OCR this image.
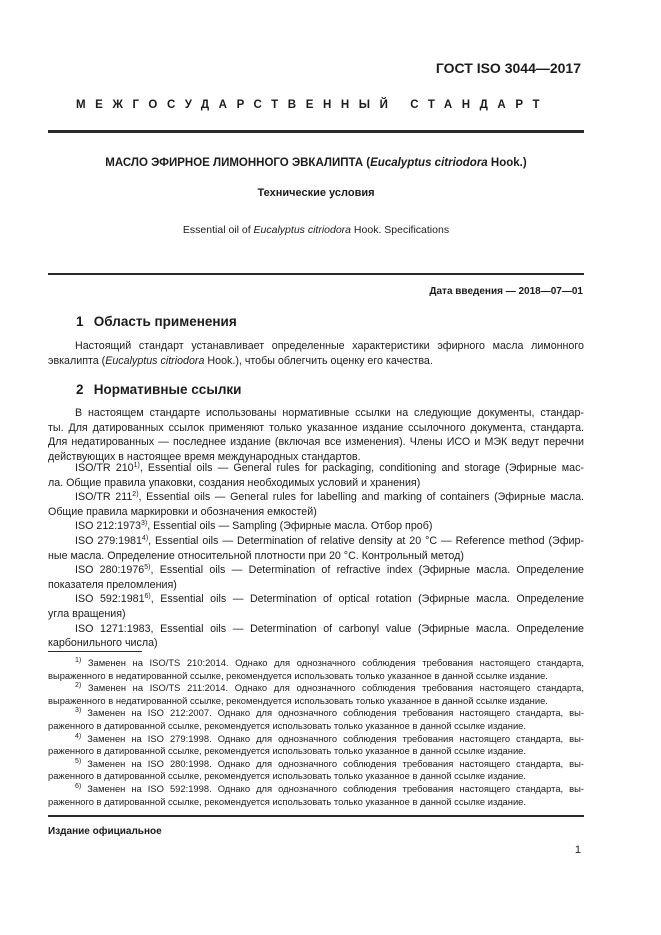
ГОСТ ISO 3044—2017
МЕЖГОСУДАРСТВЕННЫЙ СТАНДАРТ
МАСЛО ЭФИРНОЕ ЛИМОННОГО ЭВКАЛИПТА (Eucalyptus citriodora Hook.)
Технические условия
Essential oil of Eucalyptus citriodora Hook. Specifications
Дата введения — 2018—07—01
1 Область применения
Настоящий стандарт устанавливает определенные характеристики эфирного масла лимонного
эвкалипта (Eucalyptus citriodora Hook.), чтобы облегчить оценку его качества.
2 Нормативные ссылки
В настоящем стандарте использованы нормативные ссылки на следующие документы, стандар-
ты. Для датированных ссылок применяют только указанное издание ссылочного документа, стандарта.
Для недатированных — последнее издание (включая все изменения). Члены ИСО и МЭК ведут перечни
действующих в настоящее время международных стандартов.
ISO/TR 210$^{1)}$, Essential oils — General rules for packaging, conditioning and storage (Эфирные мас-
ла. Общие правила упаковки, создания необходимых условий и хранения)
ISO/TR 211$^{2)}$, Essential oils — General rules for labelling and marking of containers (Эфирные масла.
Общие правила маркировки и обозначения емкостей)
ISO 212:1973$^{3)}$, Essential oils — Sampling (Эфирные масла. Отбор проб)
ISO 279:1981$^{4)}$, Essential oils — Determination of relative density at 20 °C — Reference method (Эфир-
ные масла. Определение относительной плотности при 20 °С. Контрольный метод)
ISO 280:1976$^{5)}$, Essential oils — Determination of refractive index (Эфирные масла. Определение
показателя преломления)
ISO 592:1981$^{6)}$, Essential oils — Determination of optical rotation (Эфирные масла. Определение
угла вращения)
ISO 1271:1983, Essential oils — Determination of carbonyl value (Эфирные масла. Определение
карбонильного числа)
$^{1)}$ Заменен на ISO/TS 210:2014. Однако для однозначного соблюдения требования настоящего стандарта,
выраженного в недатированной ссылке, рекомендуется использовать только указанное в данной ссылке издание.
$^{2)}$ Заменен на ISO/TS 211:2014. Однако для однозначного соблюдения требования настоящего стандарта,
выраженного в недатированной ссылке, рекомендуется использовать только указанное в данной ссылке издание.
$^{3)}$ Заменен на ISO 212:2007. Однако для однозначного соблюдения требования настоящего стандарта, вы-
раженного в датированной ссылке, рекомендуется использовать только указанное в данной ссылке издание.
$^{4)}$ Заменен на ISO 279:1998. Однако для однозначного соблюдения требования настоящего стандарта, вы-
раженного в датированной ссылке, рекомендуется использовать только указанное в данной ссылке издание.
$^{5)}$ Заменен на ISO 280:1998. Однако для однозначного соблюдения требования настоящего стандарта, вы-
раженного в датированной ссылке, рекомендуется использовать только указанное в данной ссылке издание.
$^{6)}$ Заменен на ISO 592:1998. Однако для однозначного соблюдения требования настоящего стандарта, вы-
раженного в датированной ссылке, рекомендуется использовать только указанное в данной ссылке издание.
Издание официальное
1
